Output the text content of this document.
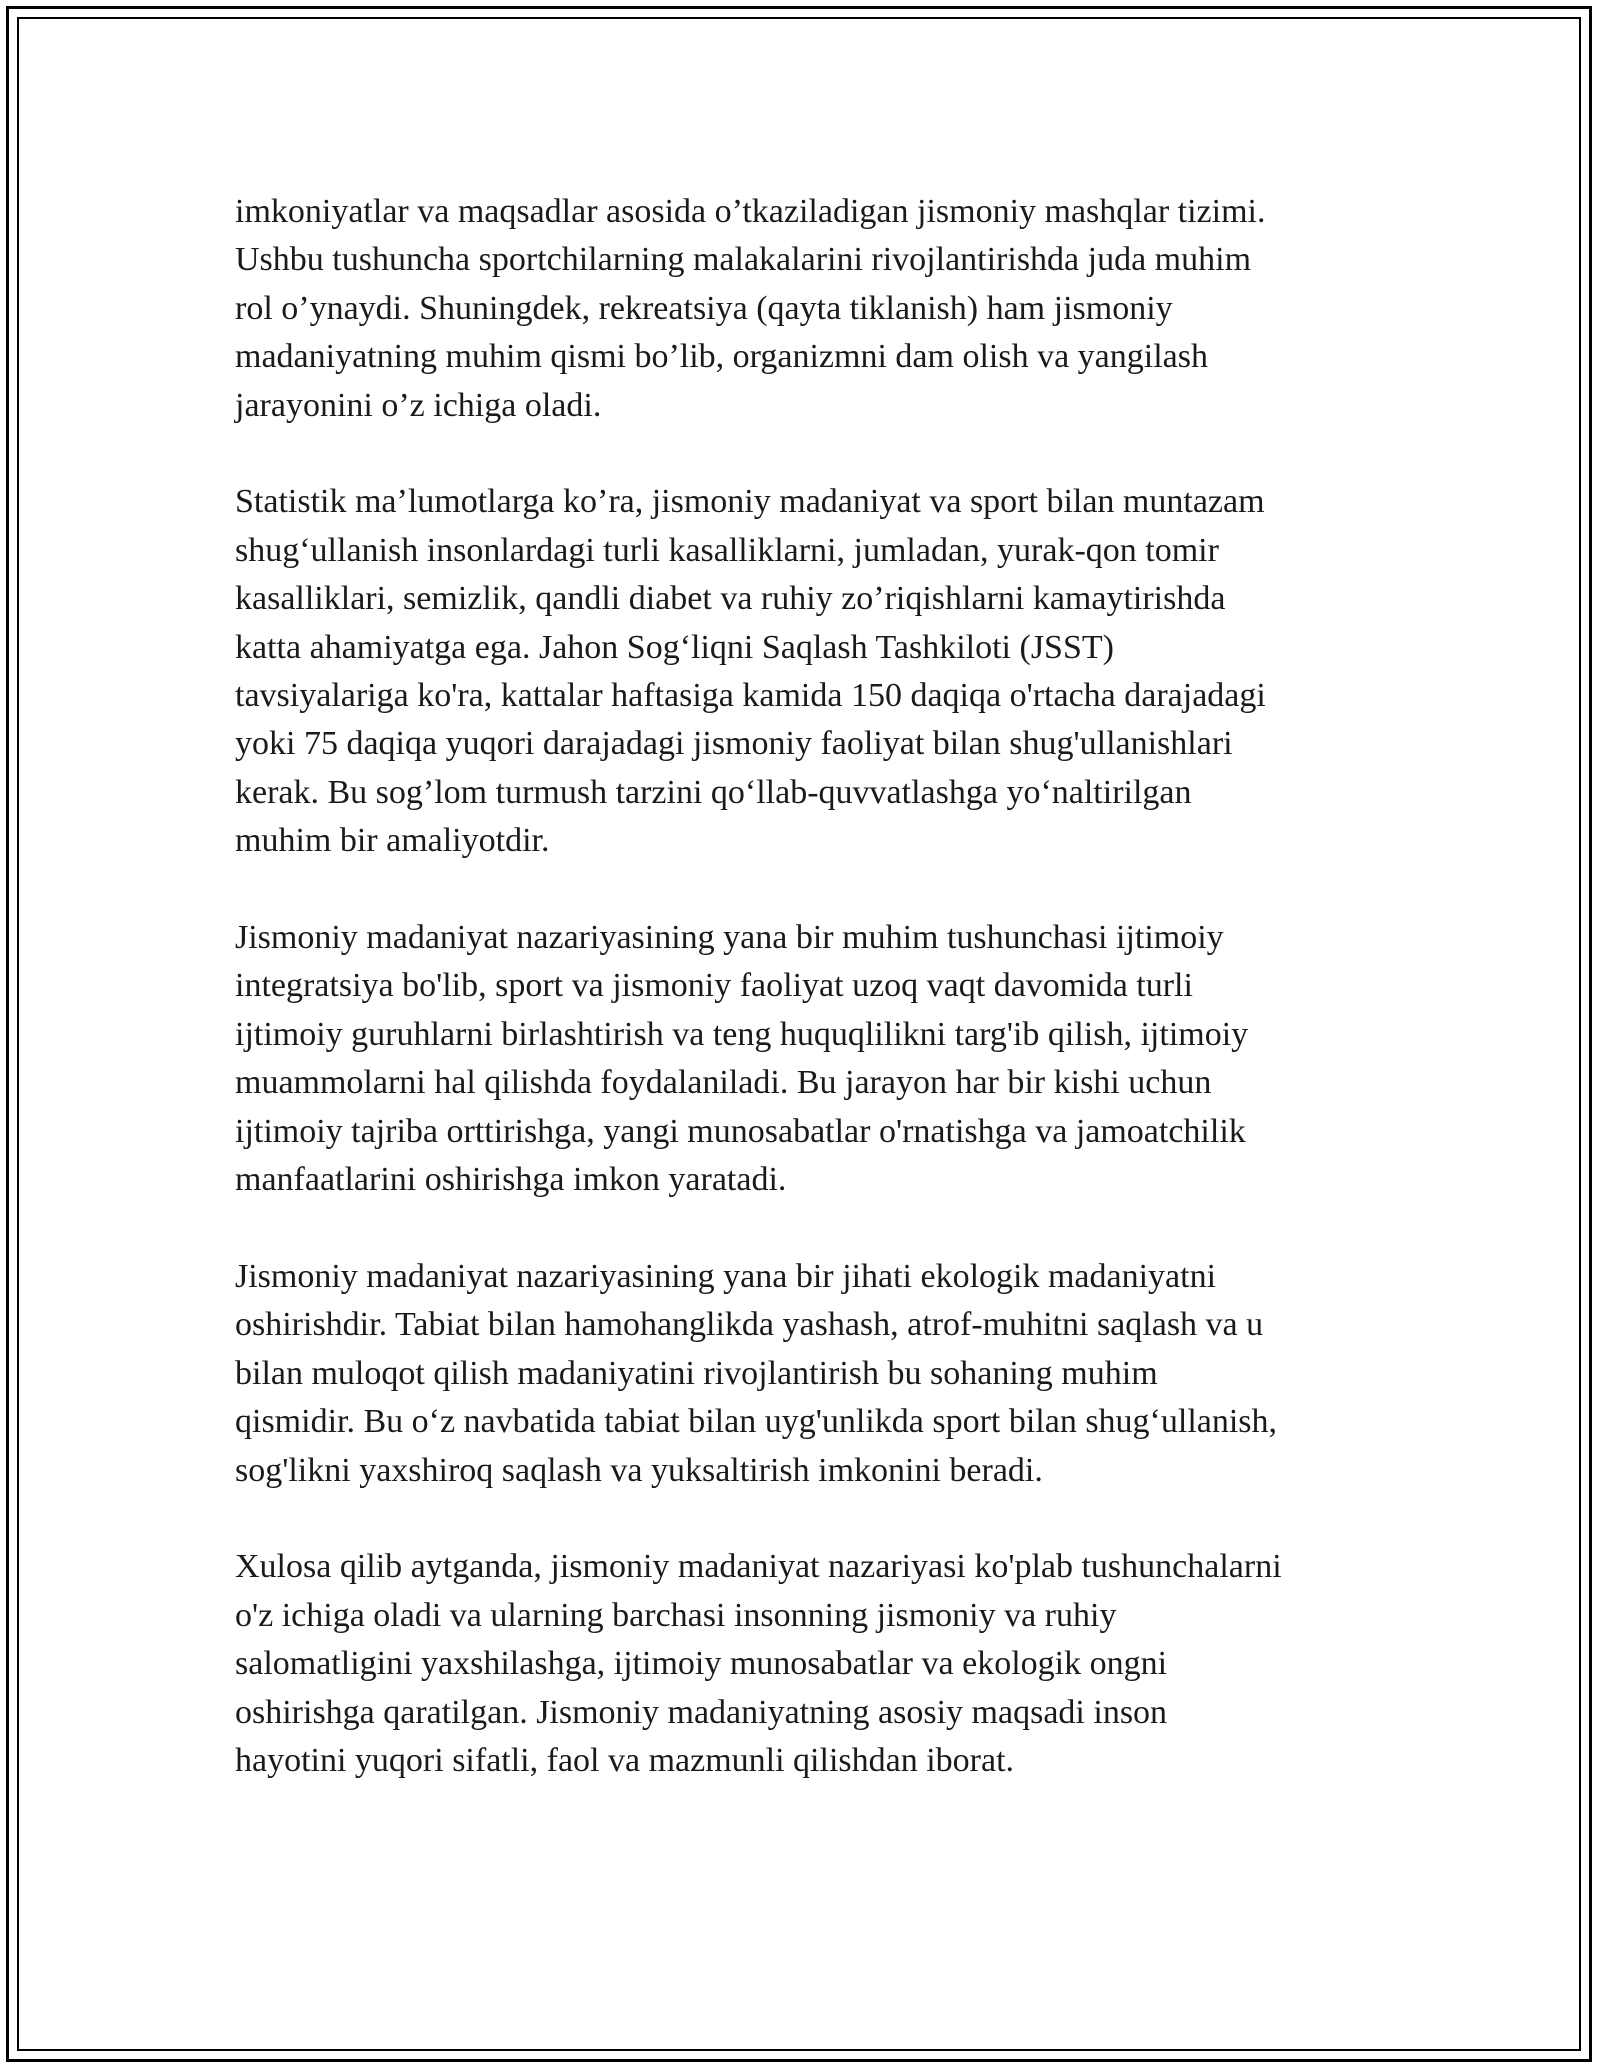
imkoniyatlar va maqsadlar asosida o’tkaziladigan jismoniy mashqlar tizimi.
Ushbu tushuncha sportchilarning malakalarini rivojlantirishda juda muhim
rol o’ynaydi. Shuningdek, rekreatsiya (qayta tiklanish) ham jismoniy
madaniyatning muhim qismi bo’lib, organizmni dam olish va yangilash
jarayonini o’z ichiga oladi.

Statistik ma’lumotlarga ko’ra, jismoniy madaniyat va sport bilan muntazam
shug‘ullanish insonlardagi turli kasalliklarni, jumladan, yurak-qon tomir
kasalliklari, semizlik, qandli diabet va ruhiy zo’riqishlarni kamaytirishda
katta ahamiyatga ega. Jahon Sog‘liqni Saqlash Tashkiloti (JSST)
tavsiyalariga ko'ra, kattalar haftasiga kamida 150 daqiqa o'rtacha darajadagi
yoki 75 daqiqa yuqori darajadagi jismoniy faoliyat bilan shug'ullanishlari
kerak. Bu sog’lom turmush tarzini qo‘llab-quvvatlashga yo‘naltirilgan
muhim bir amaliyotdir.

Jismoniy madaniyat nazariyasining yana bir muhim tushunchasi ijtimoiy
integratsiya bo'lib, sport va jismoniy faoliyat uzoq vaqt davomida turli
ijtimoiy guruhlarni birlashtirish va teng huquqlilikni targ'ib qilish, ijtimoiy
muammolarni hal qilishda foydalaniladi. Bu jarayon har bir kishi uchun
ijtimoiy tajriba orttirishga, yangi munosabatlar o'rnatishga va jamoatchilik
manfaatlarini oshirishga imkon yaratadi.

Jismoniy madaniyat nazariyasining yana bir jihati ekologik madaniyatni
oshirishdir. Tabiat bilan hamohanglikda yashash, atrof-muhitni saqlash va u
bilan muloqot qilish madaniyatini rivojlantirish bu sohaning muhim
qismidir. Bu o‘z navbatida tabiat bilan uyg'unlikda sport bilan shug‘ullanish,
sog'likni yaxshiroq saqlash va yuksaltirish imkonini beradi.

Xulosa qilib aytganda, jismoniy madaniyat nazariyasi ko'plab tushunchalarni
o'z ichiga oladi va ularning barchasi insonning jismoniy va ruhiy
salomatligini yaxshilashga, ijtimoiy munosabatlar va ekologik ongni
oshirishga qaratilgan. Jismoniy madaniyatning asosiy maqsadi inson
hayotini yuqori sifatli, faol va mazmunli qilishdan iborat.
